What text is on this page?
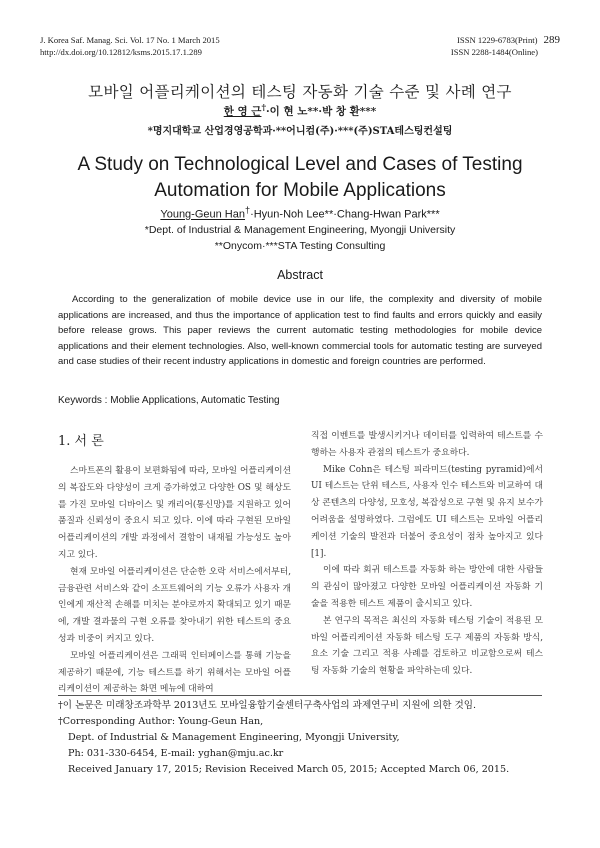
J. Korea Saf. Manag. Sci. Vol. 17 No. 1 March 2015
http://dx.doi.org/10.12812/ksms.2015.17.1.289
ISSN 1229-6783(Print) 289
ISSN 2288-1484(Online)
모바일 어플리케이션의 테스팅 자동화 기술 수준 및 사례 연구
한 영 근†·이 현 노**·박 창 환***
*명지대학교 산업경영공학과·**어니컴(주)·***(주)STA테스팅컨설팅
A Study on Technological Level and Cases of Testing
Automation for Mobile Applications
Young-Geun Han†·Hyun-Noh Lee**·Chang-Hwan Park***
*Dept. of Industrial & Management Engineering, Myongji University
**Onycom·***STA Testing Consulting
Abstract

According to the generalization of mobile device use in our life, the complexity and diversity of mobile applications are increased, and thus the importance of application test to find faults and errors quickly and easily before release grows. This paper reviews the current automatic testing methodologies for mobile device applications and their element technologies. Also, well-known commercial tools for automatic testing are surveyed and case studies of their recent industry applications in domestic and foreign countries are performed.

Keywords : Moblie Applications, Automatic Testing
1. 서 론

스마트폰의 활용이 보편화됨에 따라, 모바일 어플리케이션의 복잡도와 다양성이 크게 증가하였고 다양한 OS 및 해상도를 가진 모바일 디바이스 및 캐리어(통신망)를 지원하고 있어 품질과 신뢰성이 중요시 되고 있다. 이에 따라 구현된 모바일 어플리케이션의 개발 과정에서 결함이 내재될 가능성도 높아지고 있다.

현재 모바일 어플리케이션은 단순한 오락 서비스에서부터, 금융관련 서비스와 같이 소프트웨어의 기능 오류가 사용자 개인에게 재산적 손해를 미치는 분야로까지 확대되고 있기 때문에, 개발 결과물의 구현 오류를 찾아내기 위한 테스트의 중요성과 비중이 커지고 있다.

모바일 어플리케이션은 그래픽 인터페이스를 통해 기능을 제공하기 때문에, 기능 테스트를 하기 위해서는 모바일 어플리케이션이 제공하는 화면 메뉴에 대하여

직접 이벤트를 발생시키거나 데이터를 입력하여 테스트를 수행하는 사용자 관점의 테스트가 중요하다.

Mike Cohn은 테스팅 피라미드(testing pyramid)에서 UI 테스트는 단위 테스트, 사용자 인수 테스트와 비교하여 대상 콘텐츠의 다양성, 모호성, 복잡성으로 구현 및 유지 보수가 어려움을 설명하였다. 그럼에도 UI 테스트는 모바일 어플리케이션 기술의 발전과 더불어 중요성이 점차 높아지고 있다[1].

이에 따라 회귀 테스트를 자동화 하는 방안에 대한 사람들의 관심이 많아졌고 다양한 모바일 어플리케이션 자동화 기술을 적용한 테스트 제품이 출시되고 있다.

본 연구의 목적은 최신의 자동화 테스팅 기술이 적용된 모바일 어플리케이션 자동화 테스팅 도구 제품의 자동화 방식, 요소 기술 그리고 적용 사례를 검토하고 비교함으로써 테스팅 자동화 기술의 현황을 파악하는데 있다.

†이 논문은 미래창조과학부 2013년도 모바일융합기술센터구축사업의 과제연구비 지원에 의한 것임.
†Corresponding Author: Young-Geun Han,
Dept. of Industrial & Management Engineering, Myongji University,
Ph: 031-330-6454, E-mail: yghan@mju.ac.kr
Received January 17, 2015; Revision Received March 05, 2015; Accepted March 06, 2015.
